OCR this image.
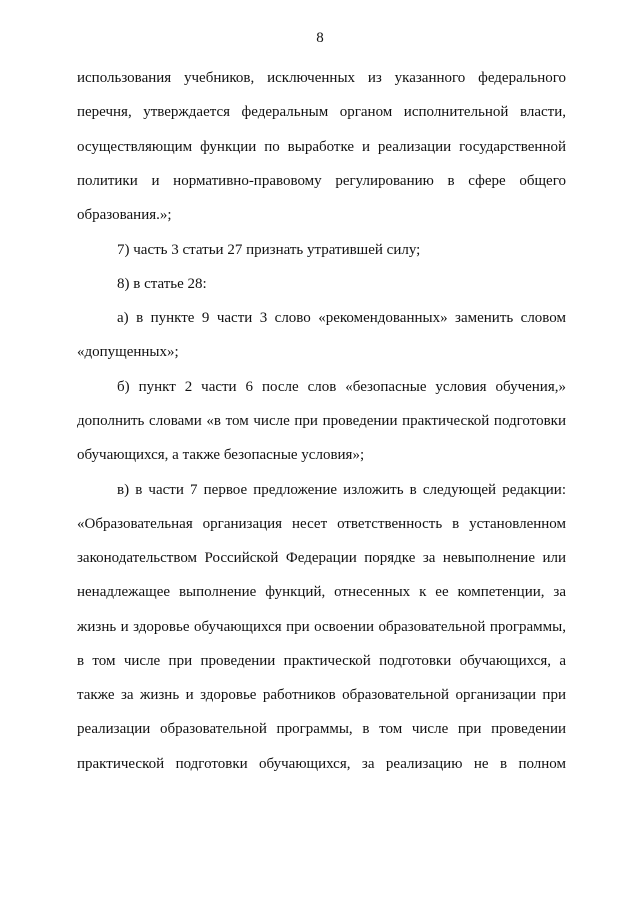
8
использования учебников, исключенных из указанного федерального
перечня, утверждается федеральным органом исполнительной власти,
осуществляющим функции по выработке и реализации государственной
политики и нормативно-правовому регулированию в сфере общего
образования.»;
7) часть 3 статьи 27 признать утратившей силу;
8) в статье 28:
а) в пункте 9 части 3 слово «рекомендованных» заменить словом
«допущенных»;
б) пункт 2 части 6 после слов «безопасные условия обучения,»
дополнить словами «в том числе при проведении практической подготовки
обучающихся, а также безопасные условия»;
в) в части 7 первое предложение изложить в следующей редакции:
«Образовательная организация несет ответственность в установленном
законодательством Российской Федерации порядке за невыполнение или
ненадлежащее выполнение функций, отнесенных к ее компетенции, за
жизнь и здоровье обучающихся при освоении образовательной программы,
в том числе при проведении практической подготовки обучающихся, а
также за жизнь и здоровье работников образовательной организации при
реализации образовательной программы, в том числе при проведении
практической подготовки обучающихся, за реализацию не в полном
